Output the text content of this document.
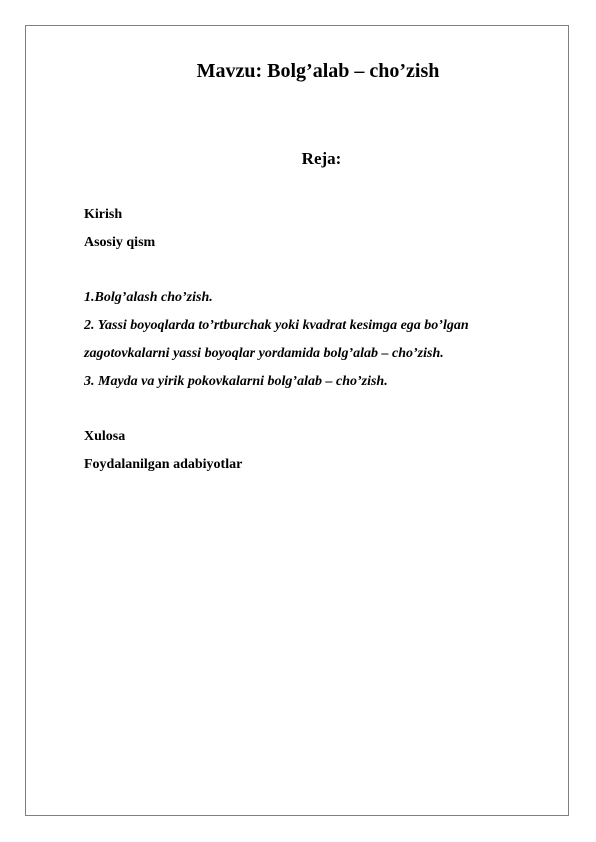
Mavzu: Bolg’alab – cho’zish
Reja:
Kirish
Asosiy qism
1.Bolg’alash cho’zish.
2. Yassi boyoqlarda to’rtburchak yoki kvadrat kesimga ega bo’lgan
zagotovkalarni yassi boyoqlar yordamida bolg’alab – cho’zish.
3. Mayda va yirik pokovkalarni bolg’alab – cho’zish.
Xulosa
Foydalanilgan adabiyotlar
